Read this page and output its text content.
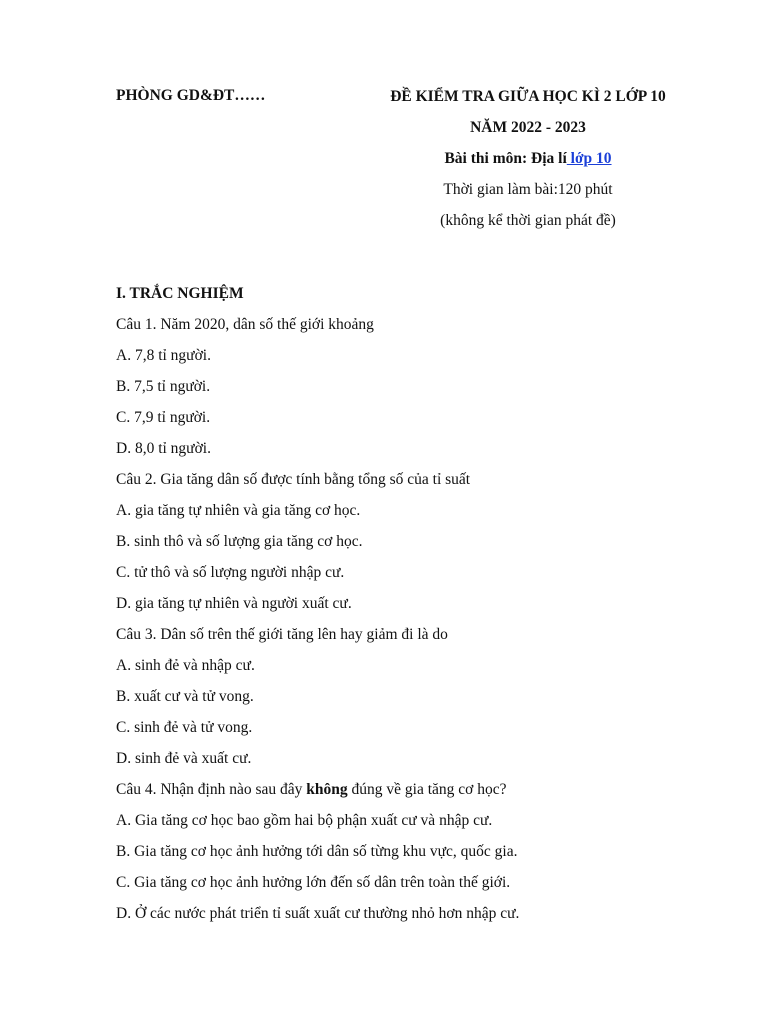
PHÒNG GD&ĐT……	ĐỀ KIỂM TRA GIỮA HỌC KÌ 2 LỚP 10
NĂM 2022 - 2023
Bài thi môn: Địa lí lớp 10
Thời gian làm bài:120 phút
(không kể thời gian phát đề)
I. TRẮC NGHIỆM
Câu 1. Năm 2020, dân số thế giới khoảng
A. 7,8 tỉ người.
B. 7,5 tỉ người.
C. 7,9 tỉ người.
D. 8,0 tỉ người.
Câu 2. Gia tăng dân số được tính bằng tổng số của tỉ suất
A. gia tăng tự nhiên và gia tăng cơ học.
B. sinh thô và số lượng gia tăng cơ học.
C. tử thô và số lượng người nhập cư.
D. gia tăng tự nhiên và người xuất cư.
Câu 3. Dân số trên thế giới tăng lên hay giảm đi là do
A. sinh đẻ và nhập cư.
B. xuất cư và tử vong.
C. sinh đẻ và tử vong.
D. sinh đẻ và xuất cư.
Câu 4. Nhận định nào sau đây không đúng về gia tăng cơ học?
A. Gia tăng cơ học bao gồm hai bộ phận xuất cư và nhập cư.
B. Gia tăng cơ học ảnh hưởng tới dân số từng khu vực, quốc gia.
C. Gia tăng cơ học ảnh hưởng lớn đến số dân trên toàn thế giới.
D. Ở các nước phát triển tỉ suất xuất cư thường nhỏ hơn nhập cư.
